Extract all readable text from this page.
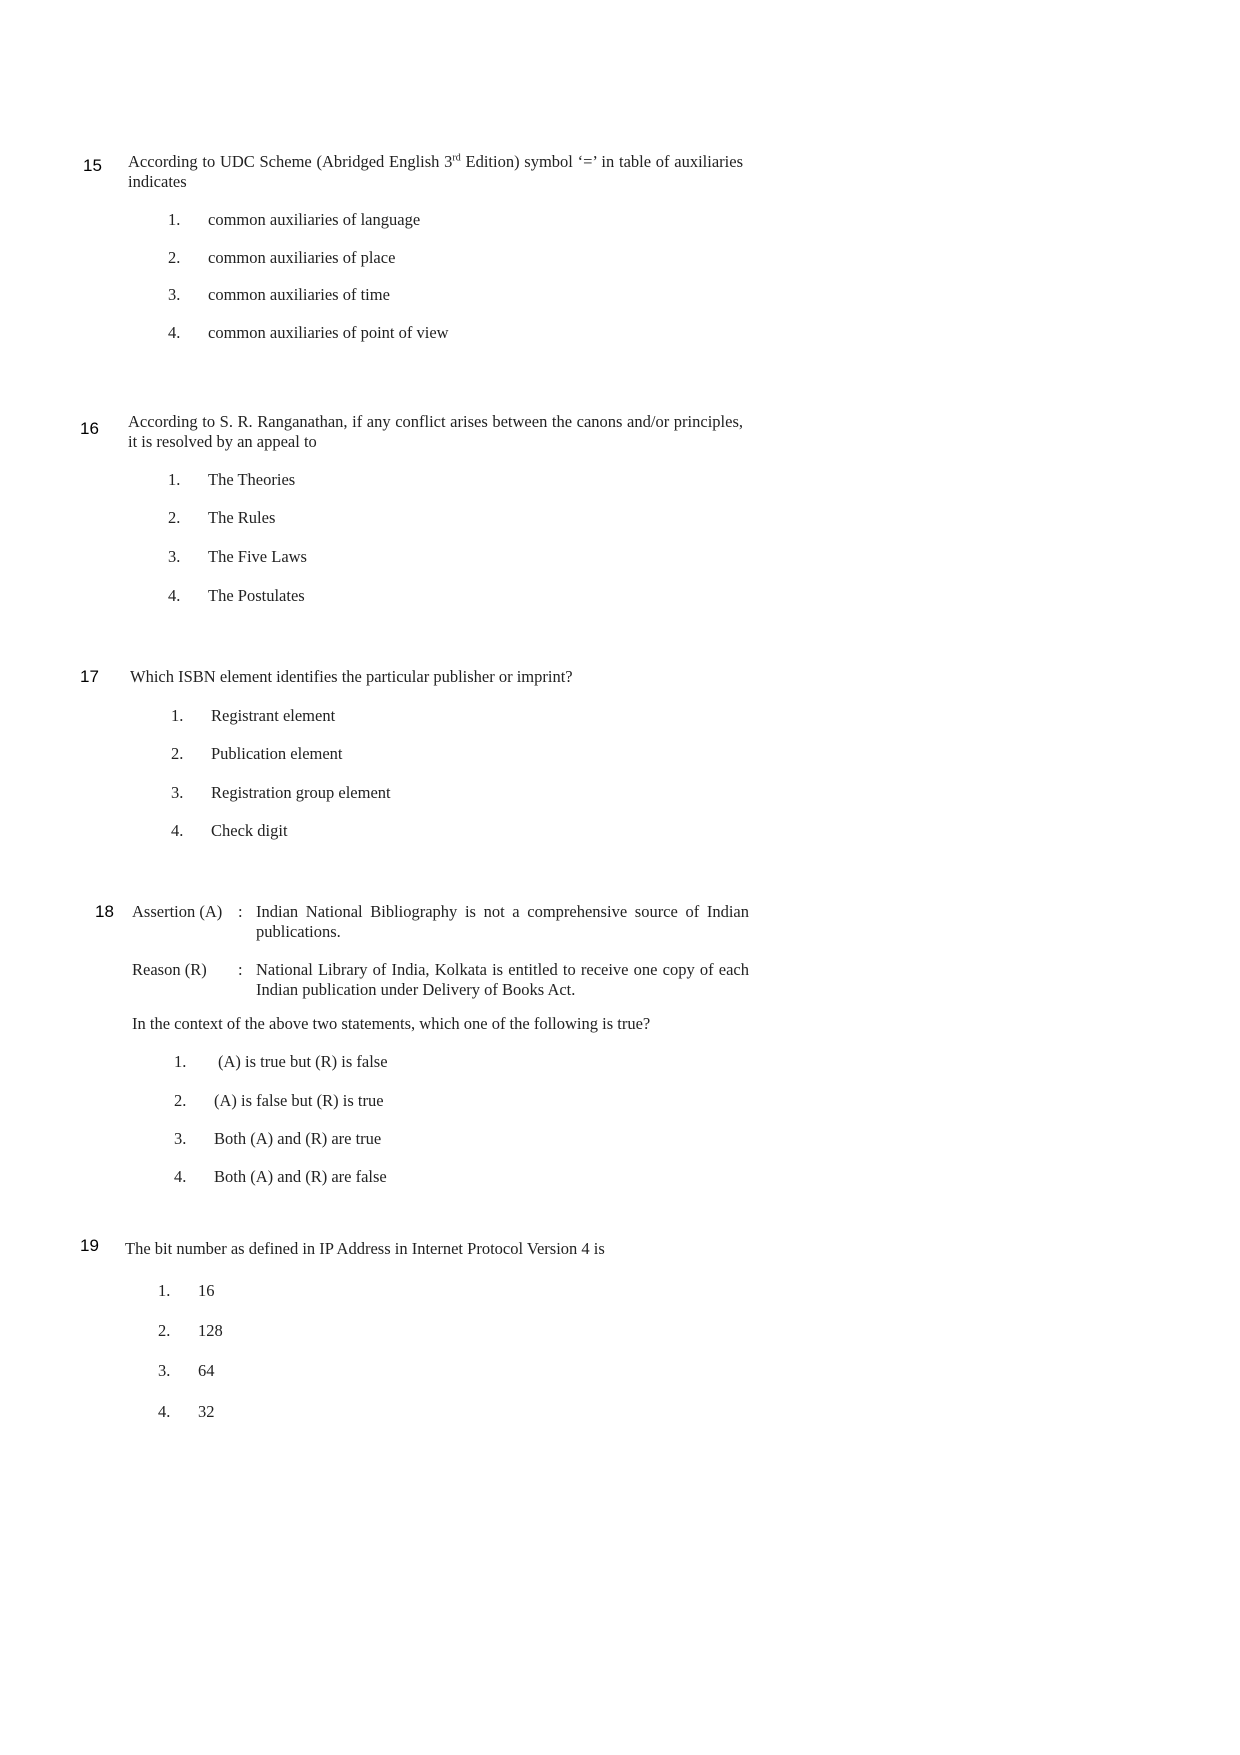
15 According to UDC Scheme (Abridged English 3rd Edition) symbol ‘=’ in table of auxiliaries indicates
1. common auxiliaries of language
2. common auxiliaries of place
3. common auxiliaries of time
4. common auxiliaries of point of view
16 According to S. R. Ranganathan, if any conflict arises between the canons and/or principles, it is resolved by an appeal to
1. The Theories
2. The Rules
3. The Five Laws
4. The Postulates
17 Which ISBN element identifies the particular publisher or imprint?
1. Registrant element
2. Publication element
3. Registration group element
4. Check digit
18 Assertion (A) : Indian National Bibliography is not a comprehensive source of Indian publications.
Reason (R) : National Library of India, Kolkata is entitled to receive one copy of each Indian publication under Delivery of Books Act.
In the context of the above two statements, which one of the following is true?
1. (A) is true but (R) is false
2. (A) is false but (R) is true
3. Both (A) and (R) are true
4. Both (A) and (R) are false
19 The bit number as defined in IP Address in Internet Protocol Version 4 is
1. 16
2. 128
3. 64
4. 32
